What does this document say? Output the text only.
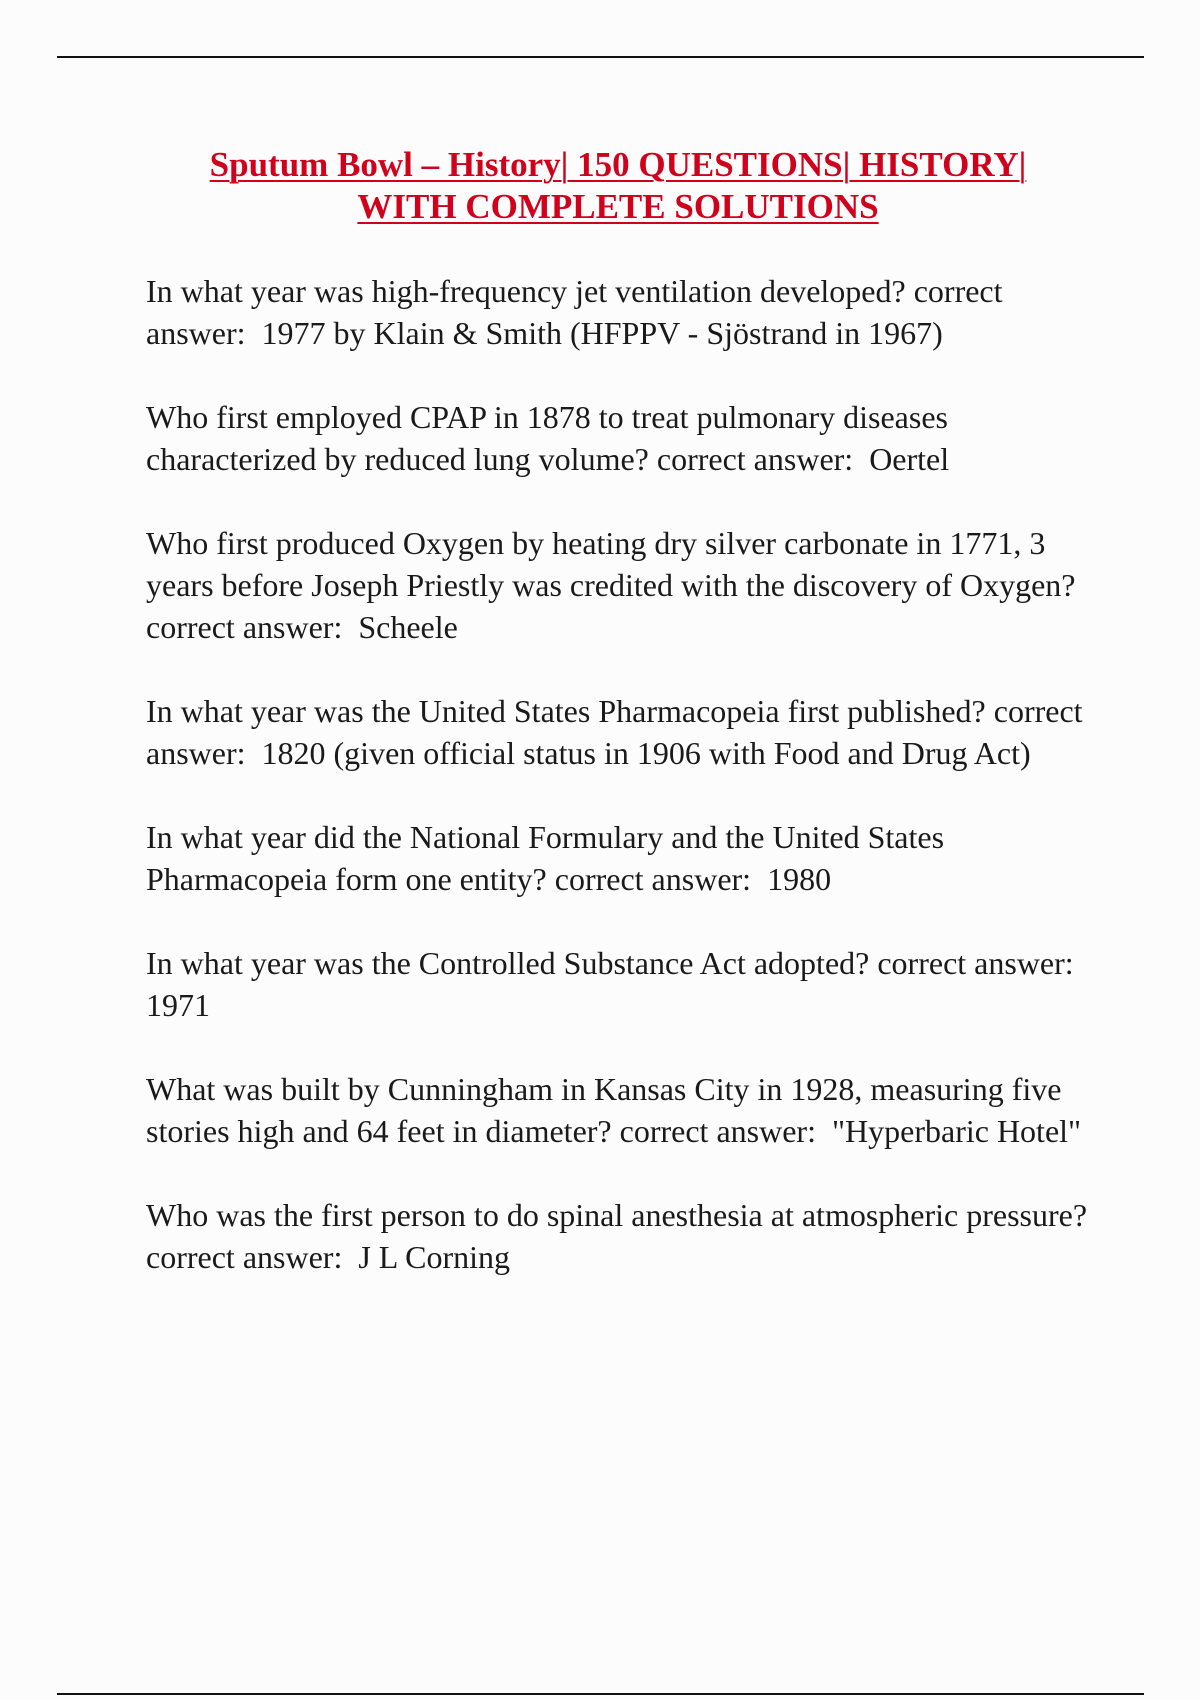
Sputum Bowl – History| 150 QUESTIONS| HISTORY|
WITH COMPLETE SOLUTIONS

In what year was high-frequency jet ventilation developed? correct answer: 1977 by Klain & Smith (HFPPV - Sjöstrand in 1967)

Who first employed CPAP in 1878 to treat pulmonary diseases characterized by reduced lung volume? correct answer: Oertel

Who first produced Oxygen by heating dry silver carbonate in 1771, 3 years before Joseph Priestly was credited with the discovery of Oxygen? correct answer: Scheele

In what year was the United States Pharmacopeia first published? correct answer: 1820 (given official status in 1906 with Food and Drug Act)

In what year did the National Formulary and the United States Pharmacopeia form one entity? correct answer: 1980

In what year was the Controlled Substance Act adopted? correct answer:  1971

What was built by Cunningham in Kansas City in 1928, measuring five stories high and 64 feet in diameter? correct answer: "Hyperbaric Hotel"

Who was the first person to do spinal anesthesia at atmospheric pressure? correct answer: J L Corning
